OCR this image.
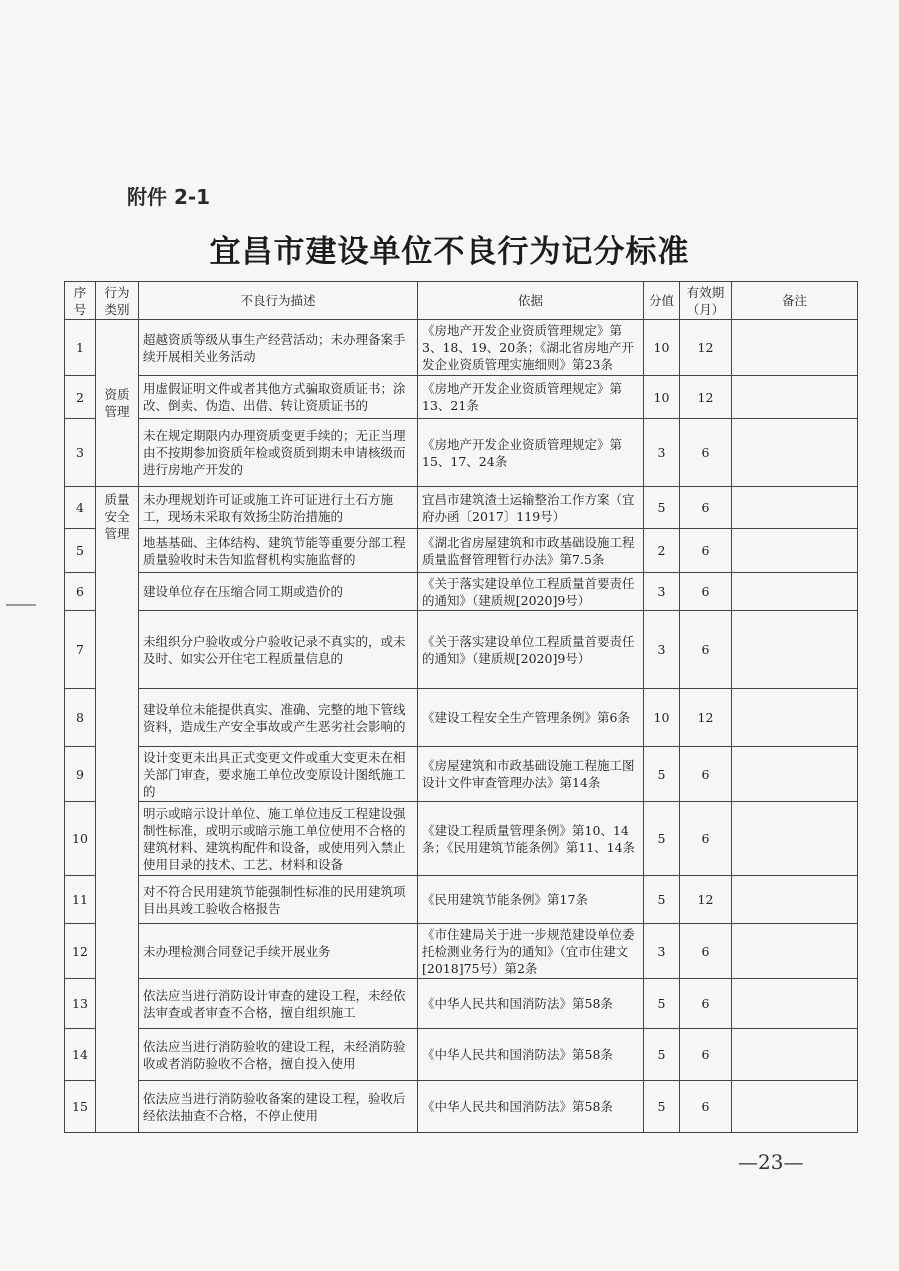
附件 2-1
宜昌市建设单位不良行为记分标准
序号	行为类别	不良行为描述	依据	分值	有效期（月）	备注
1	资质管理	超越资质等级从事生产经营活动；未办理备案手续开展相关业务活动	《房地产开发企业资质管理规定》第3、18、19、20条；《湖北省房地产开发企业资质管理实施细则》第23条	10	12	
2		用虚假证明文件或者其他方式骗取资质证书；涂改、倒卖、伪造、出借、转让资质证书的	《房地产开发企业资质管理规定》第13、21条	10	12	
3		未在规定期限内办理资质变更手续的；无正当理由不按期参加资质年检或资质到期未申请核级而进行房地产开发的	《房地产开发企业资质管理规定》第15、17、24条	3	6	
4	质量安全管理	未办理规划许可证或施工许可证进行土石方施工，现场未采取有效扬尘防治措施的	宜昌市建筑渣土运输整治工作方案（宜府办函〔2017〕119号）	5	6	
5		地基基础、主体结构、建筑节能等重要分部工程质量验收时未告知监督机构实施监督的	《湖北省房屋建筑和市政基础设施工程质量监督管理暂行办法》第7.5条	2	6	
6		建设单位存在压缩合同工期或造价的	《关于落实建设单位工程质量首要责任的通知》（建质规[2020]9号）	3	6	
7		未组织分户验收或分户验收记录不真实的，或未及时、如实公开住宅工程质量信息的	《关于落实建设单位工程质量首要责任的通知》（建质规[2020]9号）	3	6	
8		建设单位未能提供真实、准确、完整的地下管线资料，造成生产安全事故或产生恶劣社会影响的	《建设工程安全生产管理条例》第6条	10	12	
9		设计变更未出具正式变更文件或重大变更未在相关部门审查，要求施工单位改变原设计图纸施工的	《房屋建筑和市政基础设施工程施工图设计文件审查管理办法》第14条	5	6	
10		明示或暗示设计单位、施工单位违反工程建设强制性标准，或明示或暗示施工单位使用不合格的建筑材料、建筑构配件和设备，或使用列入禁止使用目录的技术、工艺、材料和设备	《建设工程质量管理条例》第10、14条；《民用建筑节能条例》第11、14条	5	6	
11		对不符合民用建筑节能强制性标准的民用建筑项目出具竣工验收合格报告	《民用建筑节能条例》第17条	5	12	
12		未办理检测合同登记手续开展业务	《市住建局关于进一步规范建设单位委托检测业务行为的通知》（宜市住建文[2018]75号）第2条	3	6	
13		依法应当进行消防设计审查的建设工程，未经依法审查或者审查不合格，擅自组织施工	《中华人民共和国消防法》第58条	5	6	
14		依法应当进行消防验收的建设工程，未经消防验收或者消防验收不合格，擅自投入使用	《中华人民共和国消防法》第58条	5	6	
15		依法应当进行消防验收备案的建设工程，验收后经依法抽查不合格，不停止使用	《中华人民共和国消防法》第58条	5	6	
—23—
